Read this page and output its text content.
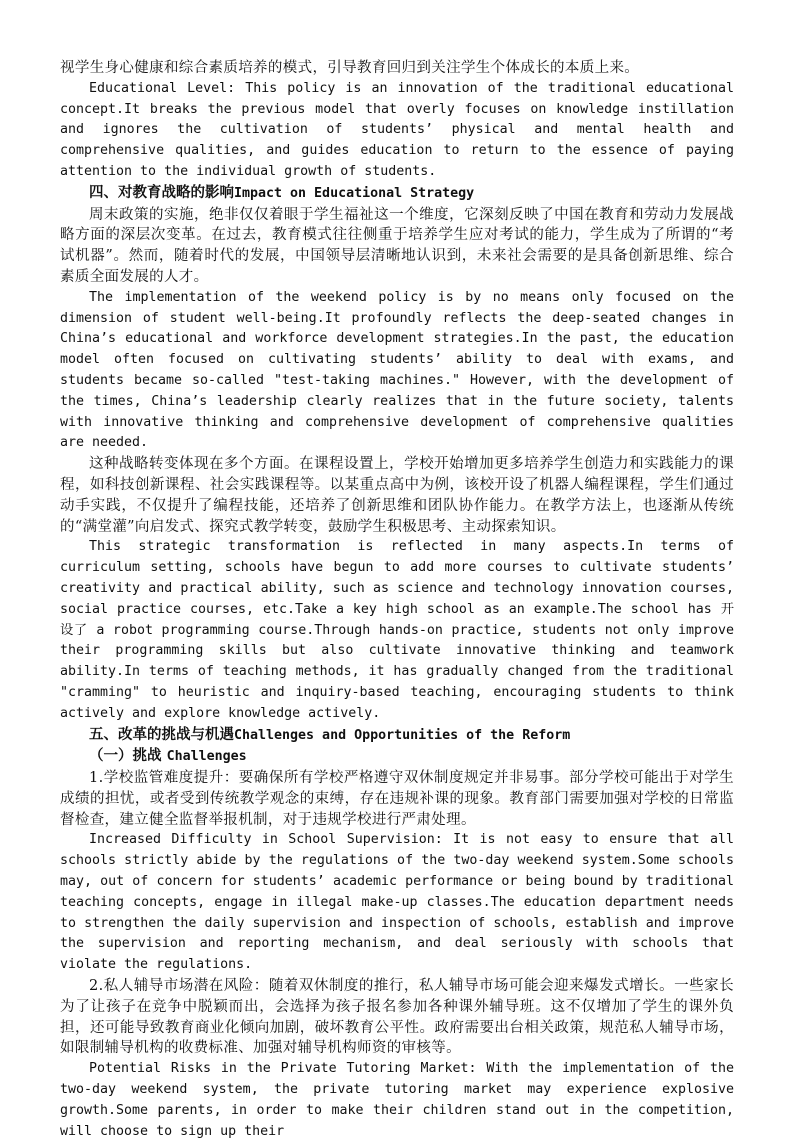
视学生身心健康和综合素质培养的模式，引导教育回归到关注学生个体成长的本质上来。

Educational Level: This policy is an innovation of the traditional educational concept.It breaks the previous model that overly focuses on knowledge instillation and ignores the cultivation of students’ physical and mental health and comprehensive qualities, and guides education to return to the essence of paying attention to the individual growth of students.

四、对教育战略的影响Impact on Educational Strategy

周末政策的实施，绝非仅仅着眼于学生福祉这一个维度，它深刻反映了中国在教育和劳动力发展战略方面的深层次变革。在过去，教育模式往往侧重于培养学生应对考试的能力，学生成为了所谓的“考试机器”。然而，随着时代的发展，中国领导层清晰地认识到，未来社会需要的是具备创新思维、综合素质全面发展的人才。

The implementation of the weekend policy is by no means only focused on the dimension of student well-being.It profoundly reflects the deep-seated changes in China’s educational and workforce development strategies.In the past, the education model often focused on cultivating students’ ability to deal with exams, and students became so-called "test-taking machines." However, with the development of the times, China’s leadership clearly realizes that in the future society, talents with innovative thinking and comprehensive development of comprehensive qualities are needed.

这种战略转变体现在多个方面。在课程设置上，学校开始增加更多培养学生创造力和实践能力的课程，如科技创新课程、社会实践课程等。以某重点高中为例，该校开设了机器人编程课程，学生们通过动手实践，不仅提升了编程技能，还培养了创新思维和团队协作能力。在教学方法上，也逐渐从传统的“满堂灌”向启发式、探究式教学转变，鼓励学生积极思考、主动探索知识。

This strategic transformation is reflected in many aspects.In terms of curriculum setting, schools have begun to add more courses to cultivate students’ creativity and practical ability, such as science and technology innovation courses, social practice courses, etc.Take a key high school as an example.The school has 开设了 a robot programming course.Through hands-on practice, students not only improve their programming skills but also cultivate innovative thinking and teamwork ability.In terms of teaching methods, it has gradually changed from the traditional "cramming" to heuristic and inquiry-based teaching, encouraging students to think actively and explore knowledge actively.

五、改革的挑战与机遇Challenges and Opportunities of the Reform

（一）挑战 Challenges

1.学校监管难度提升：要确保所有学校严格遵守双休制度规定并非易事。部分学校可能出于对学生成绩的担忧，或者受到传统教学观念的束缚，存在违规补课的现象。教育部门需要加强对学校的日常监督检查，建立健全监督举报机制，对于违规学校进行严肃处理。

Increased Difficulty in School Supervision: It is not easy to ensure that all schools strictly abide by the regulations of the two-day weekend system.Some schools may, out of concern for students’ academic performance or being bound by traditional teaching concepts, engage in illegal make-up classes.The education department needs to strengthen the daily supervision and inspection of schools, establish and improve the supervision and reporting mechanism, and deal seriously with schools that violate the regulations.

2.私人辅导市场潜在风险：随着双休制度的推行，私人辅导市场可能会迎来爆发式增长。一些家长为了让孩子在竞争中脱颖而出，会选择为孩子报名参加各种课外辅导班。这不仅增加了学生的课外负担，还可能导致教育商业化倾向加剧，破坏教育公平性。政府需要出台相关政策，规范私人辅导市场，如限制辅导机构的收费标准、加强对辅导机构师资的审核等。

Potential Risks in the Private Tutoring Market: With the implementation of the two-day weekend system, the private tutoring market may experience explosive growth.Some parents, in order to make their children stand out in the competition, will choose to sign up their
